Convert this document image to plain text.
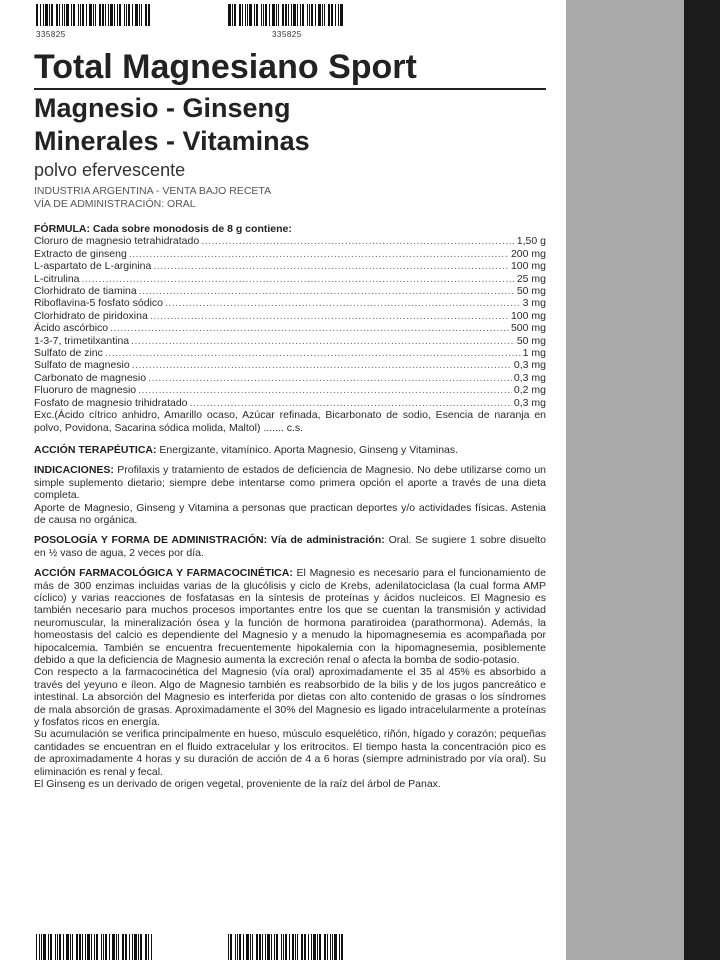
335825	335825
Total Magnesiano Sport
Magnesio - Ginseng
Minerales - Vitaminas
polvo efervescente
INDUSTRIA ARGENTINA - VENTA BAJO RECETA
VÍA DE ADMINISTRACIÓN: ORAL
FÓRMULA: Cada sobre monodosis de 8 g contiene:
Cloruro de magnesio tetrahidratado .....	1,50 g
Extracto de ginseng .....	200 mg
L-aspartato de L-arginina .....	100 mg
L-citrulina .....	25 mg
Clorhidrato de tiamina .....	50 mg
Riboflavina-5 fosfato sódico .....	3 mg
Clorhidrato de piridoxina .....	100 mg
Ácido ascórbico .....	500 mg
1-3-7, trimetilxantina .....	50 mg
Sulfato de zinc .....	1 mg
Sulfato de magnesio .....	0,3 mg
Carbonato de magnesio .....	0,3 mg
Fluoruro de magnesio .....	0,2 mg
Fosfato de magnesio trihidratado .....	0,3 mg
Exc.(Ácido cítrico anhidro, Amarillo ocaso, Azúcar refinada, Bicarbonato de sodio, Esencia de naranja en polvo, Povidona, Sacarina sódica molida, Maltol) ....... c.s.
ACCIÓN TERAPÉUTICA: Energizante, vitamínico. Aporta Magnesio, Ginseng y Vitaminas.
INDICACIONES: Profilaxis y tratamiento de estados de deficiencia de Magnesio. No debe utilizarse como un simple suplemento dietario; siempre debe intentarse como primera opción el aporte a través de una dieta completa.
Aporte de Magnesio, Ginseng y Vitamina a personas que practican deportes y/o actividades físicas. Astenia de causa no orgánica.
POSOLOGÍA Y FORMA DE ADMINISTRACIÓN: Vía de administración: Oral. Se sugiere 1 sobre disuelto en ½ vaso de agua, 2 veces por día.
ACCIÓN FARMACOLÓGICA Y FARMACOCINÉTICA: El Magnesio es necesario para el funcionamiento de más de 300 enzimas incluidas varias de la glucólisis y ciclo de Krebs, adenilatociclasa (la cual forma AMP cíclico) y varias reacciones de fosfatasas en la síntesis de proteínas y ácidos nucleicos. El Magnesio es también necesario para muchos procesos importantes entre los que se cuentan la transmisión y actividad neuromuscular, la mineralización ósea y la función de hormona paratiroidea (parathormona). Además, la homeostasis del calcio es dependiente del Magnesio y a menudo la hipomagnesemia es acompañada por hipocalcemia. También se encuentra frecuentemente hipokalemia con la hipomagnesemia, posiblemente debido a que la deficiencia de Magnesio aumenta la excreción renal o afecta la bomba de sodio-potasio.
Con respecto a la farmacocinética del Magnesio (vía oral) aproximadamente el 35 al 45% es absorbido a través del yeyuno e íleon. Algo de Magnesio también es reabsorbido de la bilis y de los jugos pancreático e intestinal. La absorción del Magnesio es interferida por dietas con alto contenido de grasas o los síndromes de mala absorción de grasas. Aproximadamente el 30% del Magnesio es ligado intracelularmente a proteínas y fosfatos ricos en energía.
Su acumulación se verifica principalmente en hueso, músculo esquelético, riñón, hígado y corazón; pequeñas cantidades se encuentran en el fluido extracelular y los eritrocitos. El tiempo hasta la concentración pico es de aproximadamente 4 horas y su duración de acción de 4 a 6 horas (siempre administrado por vía oral). Su eliminación es renal y fecal.
El Ginseng es un derivado de origen vegetal, proveniente de la raíz del árbol de Panax.
